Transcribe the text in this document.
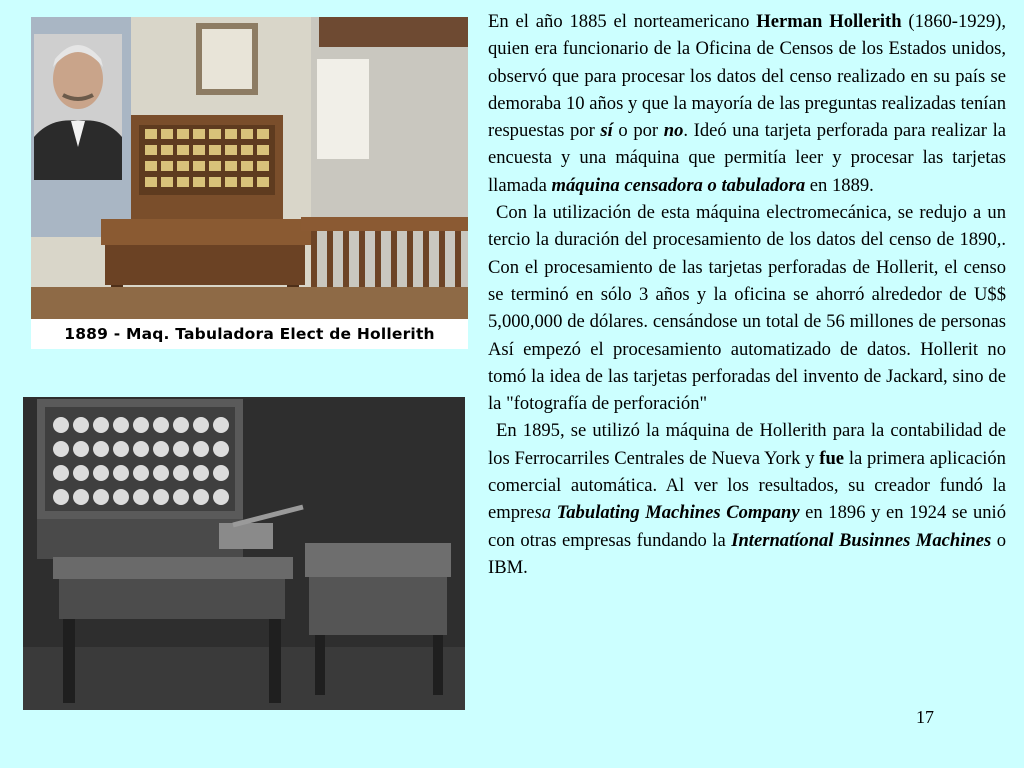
1889 - Maq. Tabuladora Elect de Hollerith

En el año 1885 el norteamericano Herman Hollerith (1860-1929), quien era funcionario de la Oficina de Censos de los Estados unidos, observó que para procesar los datos del censo realizado en su país se demoraba 10 años y que la mayoría de las preguntas realizadas tenían respuestas por sí o por no. Ideó una tarjeta perforada para realizar la encuesta y una máquina que permitía leer y procesar las tarjetas llamada máquina censadora o tabuladora en 1889.

Con la utilización de esta máquina electromecánica, se redujo a un tercio la duración del procesamiento de los datos del censo de 1890,. Con el procesamiento de las tarjetas perforadas de Hollerit, el censo se terminó en sólo 3 años y la oficina se ahorró alrededor de U$$ 5,000,000 de dólares. censándose un total de 56 millones de personas Así empezó el procesamiento automatizado de datos. Hollerit no tomó la idea de las tarjetas perforadas del invento de Jackard, sino de la "fotografía de perforación"

En 1895, se utilizó la máquina de Hollerith para la contabilidad de los Ferrocarriles Centrales de Nueva York y fue la primera aplicación comercial automática. Al ver los resultados, su creador fundó la empresa Tabulating Machines Company en 1896 y en 1924 se unió con otras empresas fundando la Internatíonal Businnes Machines o IBM.

17
